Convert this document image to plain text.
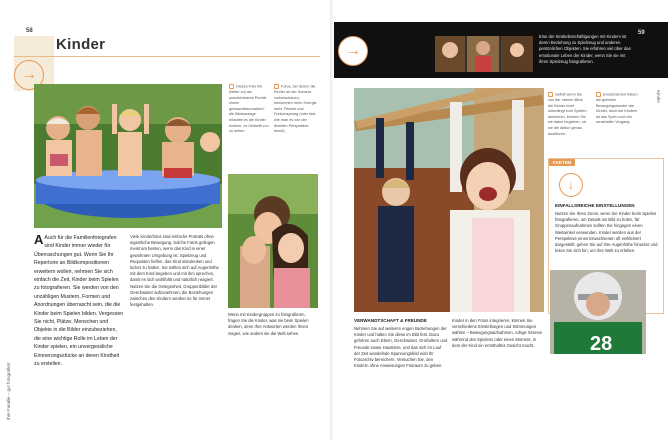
58
→
Kinder
Dieses Foto fiel (lieber zu) als unscheinbares Porträt einem gewaschtraumatisch: die Bildaussage erlaubte es die Kinder einfach, es Gefaellt von zu sehen.
Fotos, bei denen die Kinder an der Kamera vorbeischauen, bekommen mehr Energie mehr Frische und Funkensprung (oder fast, wie man es von der direkten Perspektive kennt).
A Auch für die Familienfotografen sind Kinder immer wieder für Überraschungen gut. Wenn Sie Ihr Repertoire an Bildkompositionen erweitern wollen, nehmen Sie sich einfach die Zeit, Kinder beim Spielen zu fotografieren. Sie werden von den unzähligen Mustern, Formen und Anordnungen überrascht sein, die die Kinder beim Spielen bilden. Vergessen Sie nicht, Plätze, Menschen und Objekte in die Bilder einzubeziehen, die eine wichtige Rolle im Leben der Kinder spielen, ein unvergessliche Erinnerungsstücke an deren Kindheit zu erstellen.
Viele Kinderfotos sind einfache Porträts ohne eigentliche Bewegung. Solche Fotos gelingen meist am besten, wenn das Kind in einer gewohnten Umgebung ist. Spielzeug und Requisiten helfen, das Kind abzulenken und locker zu halten. Sie sollten sich auf Augenhöhe mit dem Kind begeben und mit ihm sprechen, damit es sich wohlfühlt und natürlich reagiert. Nutzen Sie die Gelegenheit, Gruppenbilder der Geschwister aufzunehmen; die Beziehungen zwischen den Kindern werden so für immer festgehalten.
Wenn mit Kindergruppen zu fotografieren, fragen Sie die Kinder, was sie beim Spielen denken, denn Ihre Antworten werden Ihnen zeigen, wie anders sie die Welt sehen.
Ihre Familie – gut fotografiert
→
59
Eine der Kinderbeschäftigungen mit Kindern ist deren Beziehung zu Spielzeug und anderen persönlichen Objekten. Sie erfahren viel über das emotionale Leben der Kinder, wenn Sie sie mit ihren Spielzeug fotografieren.
Selbst wenn Sie von der oberen Blick die Kinder nicht unbedingt zum Spielen animieren, können Sie sie dabei begleiten, ob sie die Aktion genau ausführen.
Erwachsenen haben die gleichen Bewegungsmuster wie Kinder, doch bei Kindern ist das Spiel noch ein ernsthafter Vorgang.
Kinder
FAKTEN
↓
EINFALLSREICHE EINSTELLUNGEN
Nutzen Sie Ihren Zoom, wenn Sie Kinder beim Spielen fotografieren, um Details ins Bild zu holen, für Gruppenaufnahmen sollten Sie hingegen einen Weitwinkel verwenden. Kinder werden aus der Perspektive eines Erwachsenen oft verkleinert dargestellt; gehen Sie auf ihre Augenhöhe hinunter und knien Sie sich hin, um ihre Welt zu erleben.
28
VERWANDTSCHAFT & FREUNDE
Nehmen Sie auf weiteren engen Beziehungen der Kinder und halten Sie diese im Bild fest. Dazu gehören auch Eltern, Geschwister, Großeltern und Freunde sowie Haustiere, und das sich im Lauf der Zeit wandelnde Spannungsfeld wird Ihr Fotoarchiv bereichern. Versuchen Sie, den Kindern ohne Anweisungen Freiraum zu geben.
Kinder in den Fotos integrieren, können Sie verschiedene Einstellungen und Stimmungen wählen – Bewegungsaufnahmen, ruhige Szenen während des Spielens oder einen Moment, in dem der Kind ein ernsthaftes Gesicht macht.
